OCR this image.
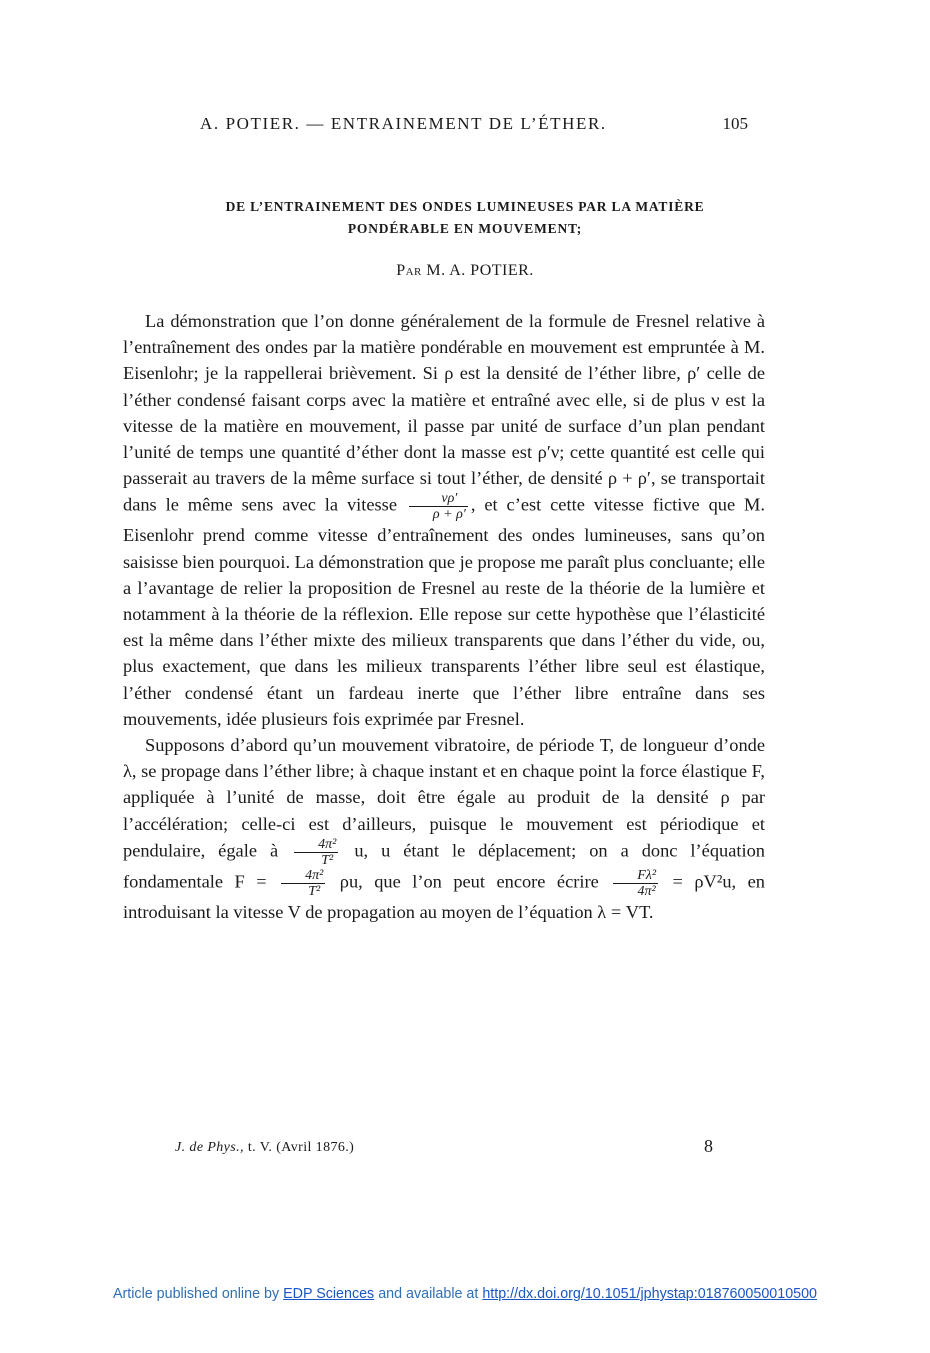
A. POTIER. — ENTRAINEMENT DE L’ÉTHER.	105
DE L’ENTRAINEMENT DES ONDES LUMINEUSES PAR LA MATIÈRE
PONDÉRABLE EN MOUVEMENT;
Par M. A. POTIER.

La démonstration que l’on donne généralement de la formule de Fresnel relative à l’entraînement des ondes par la matière pondérable en mouvement est empruntée à M. Eisenlohr; je la rappellerai brièvement. Si ρ est la densité de l’éther libre, ρ′ celle de l’éther condensé faisant corps avec la matière et entraîné avec elle, si de plus ν est la vitesse de la matière en mouvement, il passe par unité de surface d’un plan pendant l’unité de temps une quantité d’éther dont la masse est ρ′ν; cette quantité est celle qui passerait au travers de la même surface si tout l’éther, de densité ρ + ρ′, se transportait dans le même sens avec la vitesse $\frac{\nu\rho'}{\rho + \rho'}$ , et c’est cette vitesse fictive que M. Eisenlohr prend comme vitesse d’entraînement des ondes lumineuses, sans qu’on saisisse bien pourquoi. La démonstration que je propose me paraît plus concluante; elle a l’avantage de relier la proposition de Fresnel au reste de la théorie de la lumière et notamment à la théorie de la réflexion. Elle repose sur cette hypothèse que l’élasticité est la même dans l’éther mixte des milieux transparents que dans l’éther du vide, ou, plus exactement, que dans les milieux transparents l’éther libre seul est élastique, l’éther condensé étant un fardeau inerte que l’éther libre entraîne dans ses mouvements, idée plusieurs fois exprimée par Fresnel.

Supposons d’abord qu’un mouvement vibratoire, de période T, de longueur d’onde λ, se propage dans l’éther libre; à chaque instant et en chaque point la force élastique F, appliquée à l’unité de masse, doit être égale au produit de la densité ρ par l’accélération; celle-ci est d’ailleurs, puisque le mouvement est périodique et pendulaire, égale à $\frac{\text{4π²}}{\text{T²}} u$, u étant le déplacement; on a donc l’équation fondamentale $F = \frac{\text{4π²}}{\text{T²}} \rho u$, que l’on peut encore écrire $\frac{\text{Fλ²}}{\text{4π²}} = \rho V^2u$, en introduisant la vitesse V de propagation au moyen de l’équation λ = VT.

J. de Phys., t. V. (Avril 1876.)	8
Article published online by EDP Sciences and available at http://dx.doi.org/10.1051/jphystap:018760050010500
